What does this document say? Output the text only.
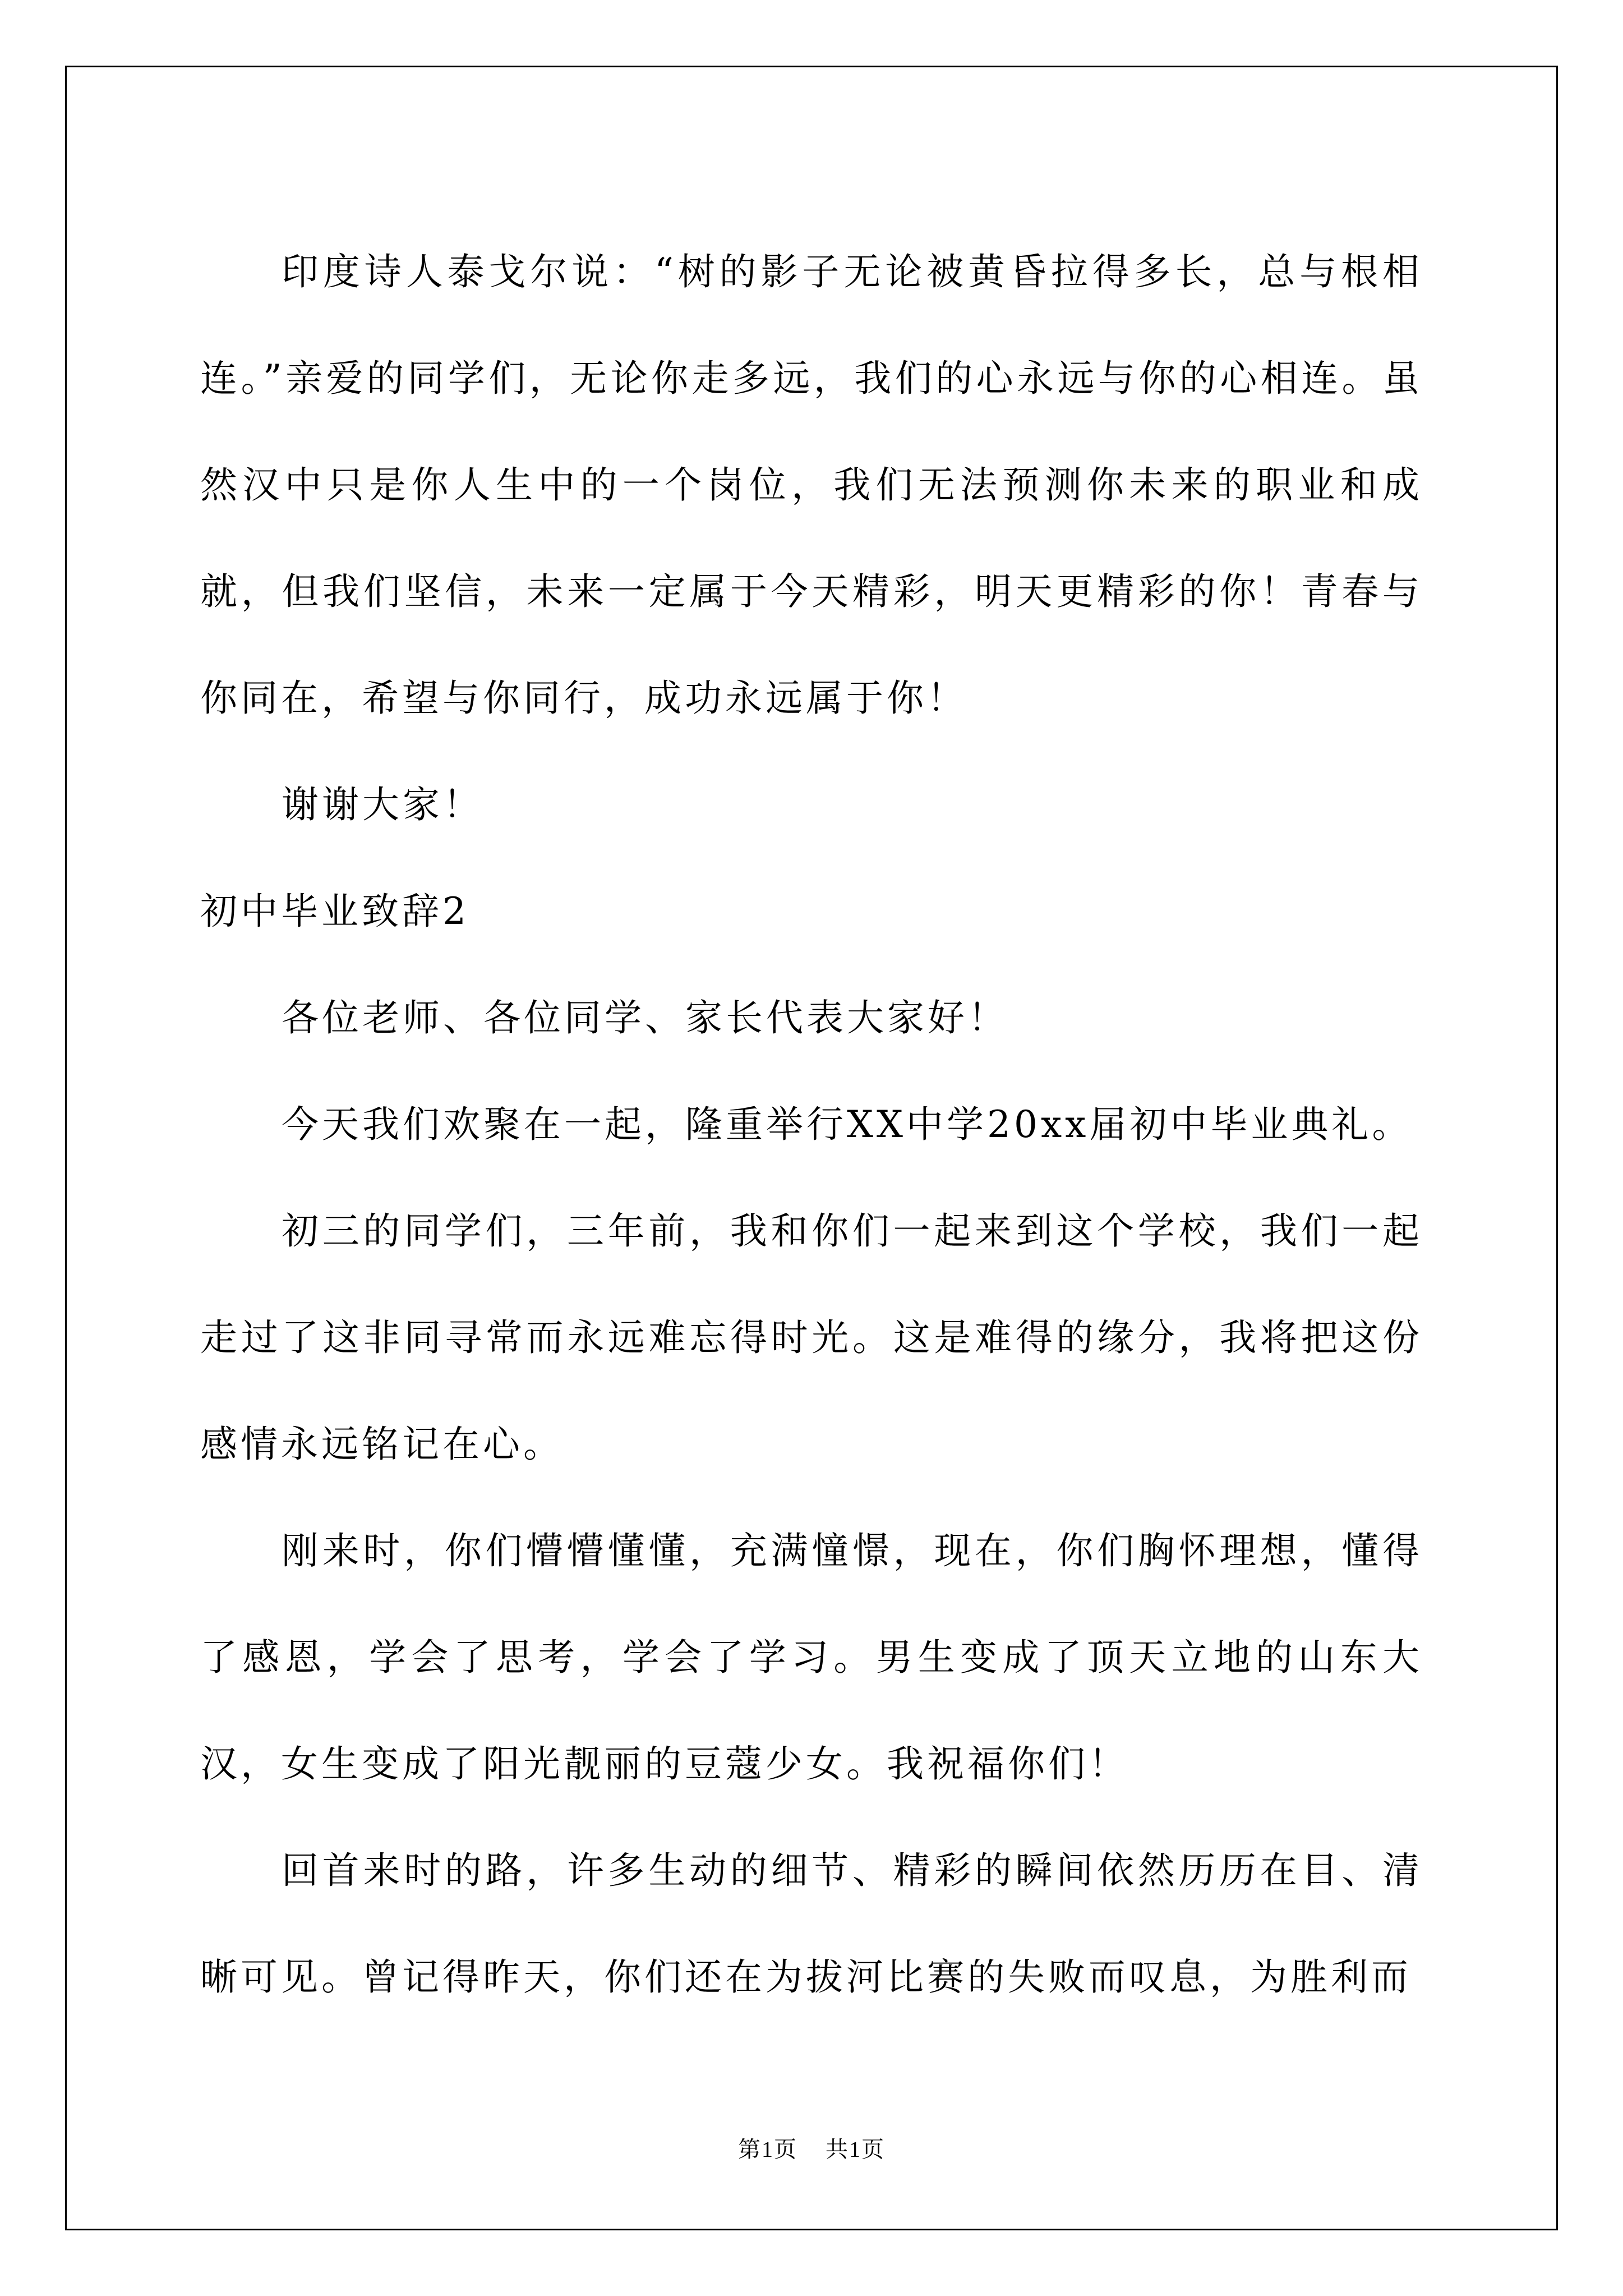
印度诗人泰戈尔说：“树的影子无论被黄昏拉得多长，总与根相连。”亲爱的同学们，无论你走多远，我们的心永远与你的心相连。虽然汉中只是你人生中的一个岗位，我们无法预测你未来的职业和成就，但我们坚信，未来一定属于今天精彩，明天更精彩的你！青春与你同在，希望与你同行，成功永远属于你！

谢谢大家！

初中毕业致辞2

各位老师、各位同学、家长代表大家好！

今天我们欢聚在一起，隆重举行XX中学20xx届初中毕业典礼。

初三的同学们，三年前，我和你们一起来到这个学校，我们一起走过了这非同寻常而永远难忘得时光。这是难得的缘分，我将把这份感情永远铭记在心。

刚来时，你们懵懵懂懂，充满憧憬，现在，你们胸怀理想，懂得了感恩，学会了思考，学会了学习。男生变成了顶天立地的山东大汉，女生变成了阳光靓丽的豆蔻少女。我祝福你们！

回首来时的路，许多生动的细节、精彩的瞬间依然历历在目、清晰可见。曾记得昨天，你们还在为拔河比赛的失败而叹息，为胜利而

第1页 共1页
